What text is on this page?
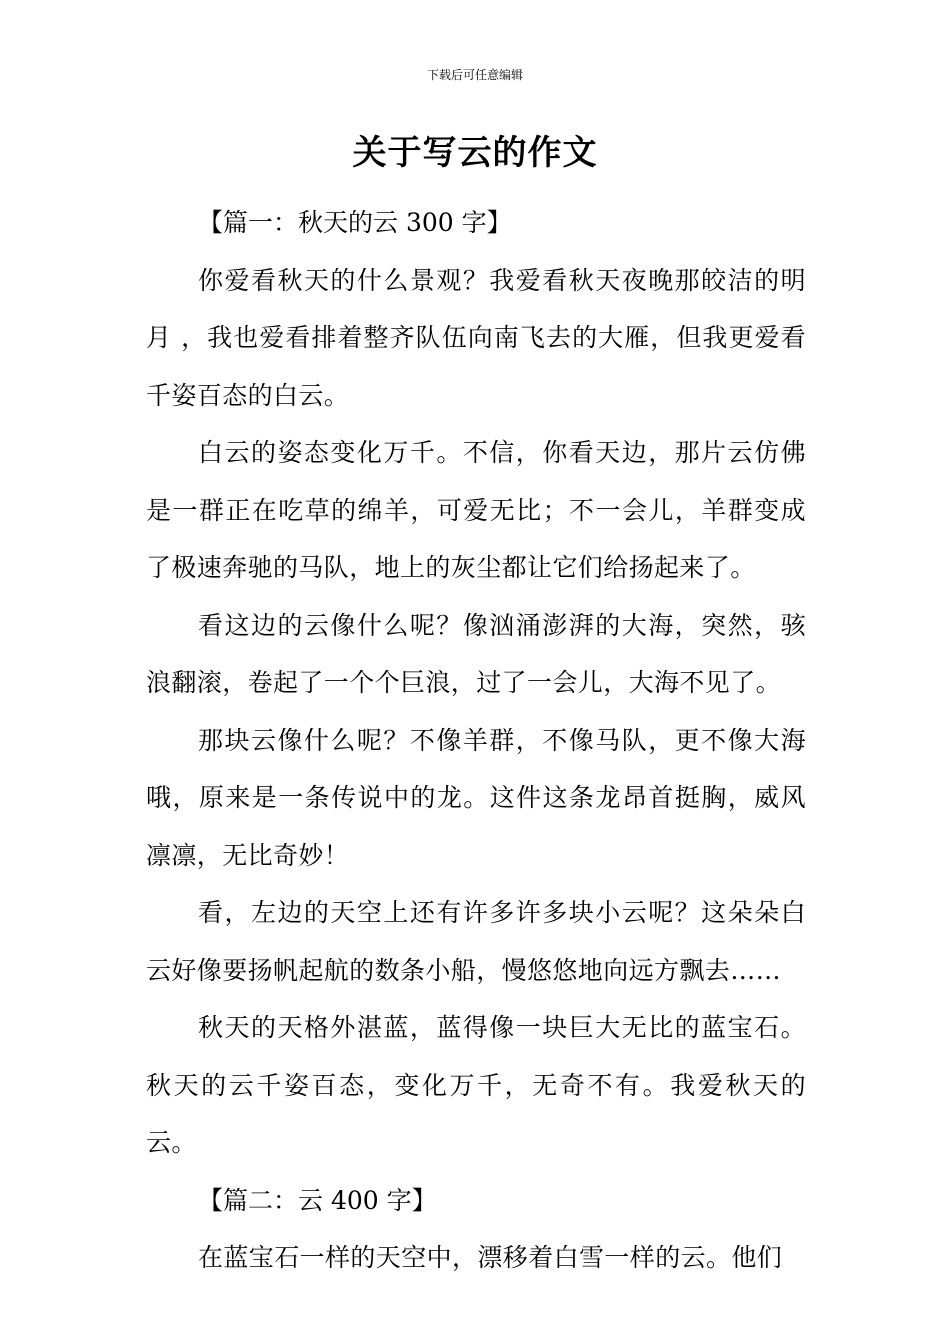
下载后可任意编辑
关于写云的作文

【篇一：秋天的云 300 字】

你爱看秋天的什么景观？我爱看秋天夜晚那皎洁的明月 ，我也爱看排着整齐队伍向南飞去的大雁，但我更爱看千姿百态的白云。

白云的姿态变化万千。不信，你看天边，那片云仿佛是一群正在吃草的绵羊，可爱无比；不一会儿，羊群变成了极速奔驰的马队，地上的灰尘都让它们给扬起来了。

看这边的云像什么呢？像汹涌澎湃的大海，突然，骇浪翻滚，卷起了一个个巨浪，过了一会儿，大海不见了。

那块云像什么呢？不像羊群，不像马队，更不像大海哦，原来是一条传说中的龙。这件这条龙昂首挺胸，威风凛凛，无比奇妙！

看，左边的天空上还有许多许多块小云呢？这朵朵白云好像要扬帆起航的数条小船，慢悠悠地向远方飘去……

秋天的天格外湛蓝，蓝得像一块巨大无比的蓝宝石。秋天的云千姿百态，变化万千，无奇不有。我爱秋天的云。

【篇二：云 400 字】

在蓝宝石一样的天空中，漂移着白雪一样的云。他们
